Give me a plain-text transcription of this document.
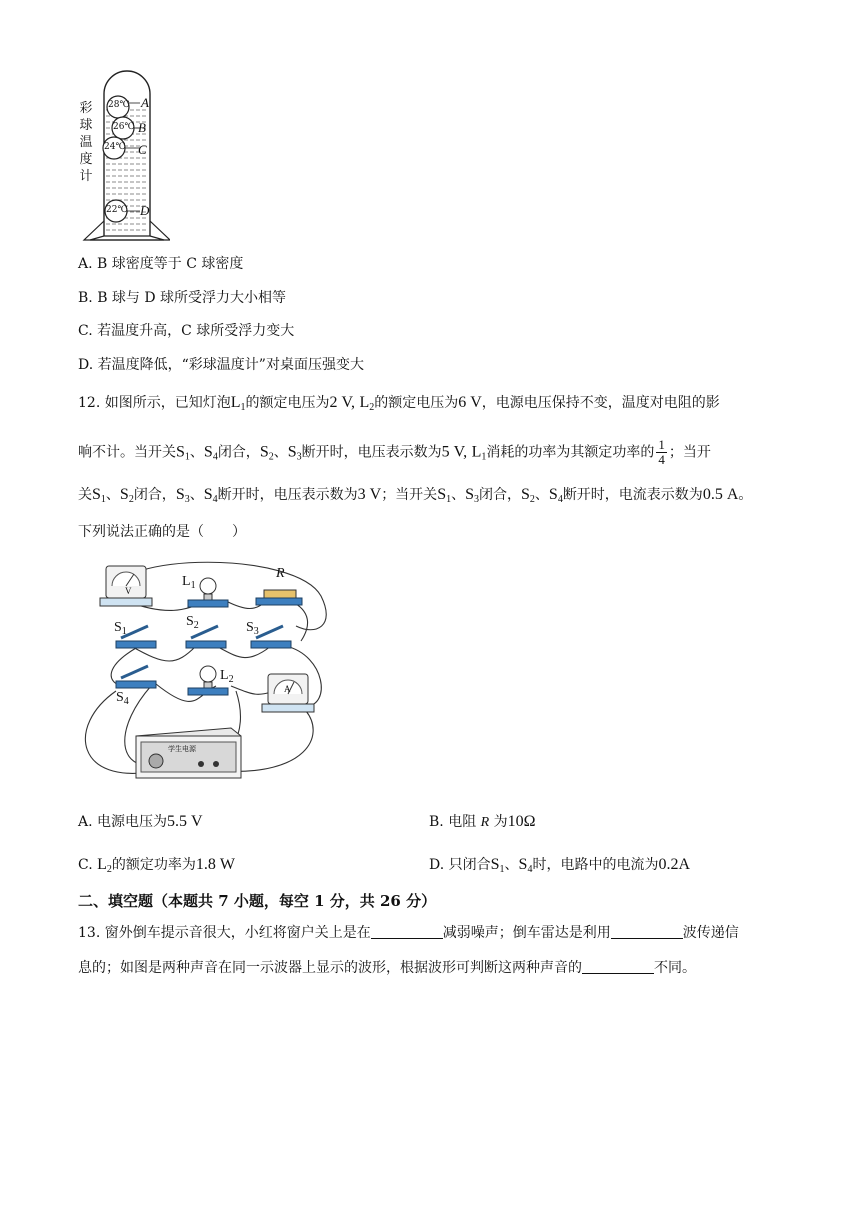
彩球温度计
28℃
26℃
24℃
22℃
A
B
C
D
A. B 球密度等于 C 球密度
B. B 球与 D 球所受浮力大小相等
C. 若温度升高，C 球所受浮力变大
D. 若温度降低，“彩球温度计”对桌面压强变大
12. 如图所示，已知灯泡$L_1$的额定电压为2 V, $L_2$的额定电压为6 V，电源电压保持不变，温度对电阻的影
响不计。当开关$S_1$、$S_4$闭合，$S_2$、$S_3$断开时，电压表示数为5 V, $L_1$消耗的功率为其额定功率的 $\frac{1}{4}$ ；当开
关$S_1$、$S_2$闭合，$S_3$、$S_4$断开时，电压表示数为3 V；当开关$S_1$、$S_3$闭合，$S_2$、$S_4$断开时，电流表示数为0.5 A。
下列说法正确的是（　　）
V
$L_1$
R
$S_1$
$S_2$	$S_3$
$S_4$
$L_2$
A
学生电源
A. 电源电压为5.5 V	B. 电阻 R 为10Ω
C. $L_2$的额定功率为1.8 W	D. 只闭合$S_1$、$S_4$时，电路中的电流为0.2A
二、填空题（本题共 7 小题，每空 1 分，共 26 分）
13. 窗外倒车提示音很大，小红将窗户关上是在	减弱噪声；倒车雷达是利用	波传递信
息的；如图是两种声音在同一示波器上显示的波形，根据波形可判断这两种声音的	不同。
